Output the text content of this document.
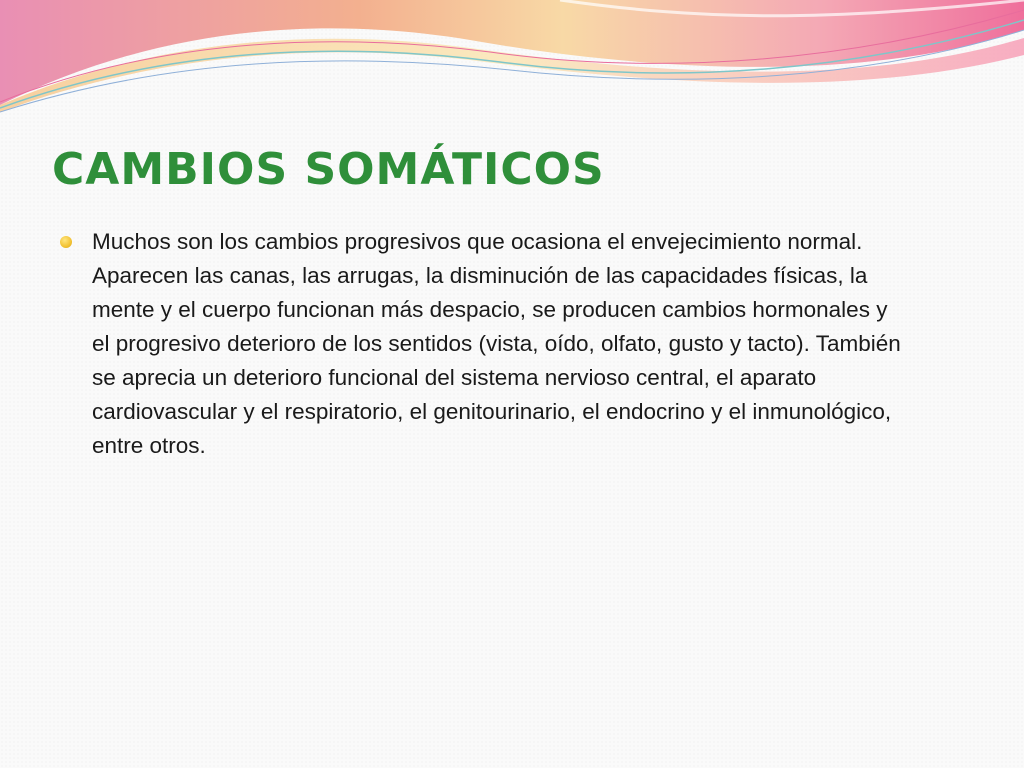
CAMBIOS SOMÁTICOS
Muchos son los cambios progresivos que ocasiona el envejecimiento normal. Aparecen las canas, las arrugas, la disminución de las capacidades físicas, la mente y el cuerpo funcionan más despacio, se producen cambios hormonales y el progresivo deterioro de los sentidos (vista, oído, olfato, gusto y tacto). También se aprecia un deterioro funcional del sistema nervioso central, el aparato cardiovascular y el respiratorio, el genitourinario, el endocrino y el inmunológico, entre otros.
